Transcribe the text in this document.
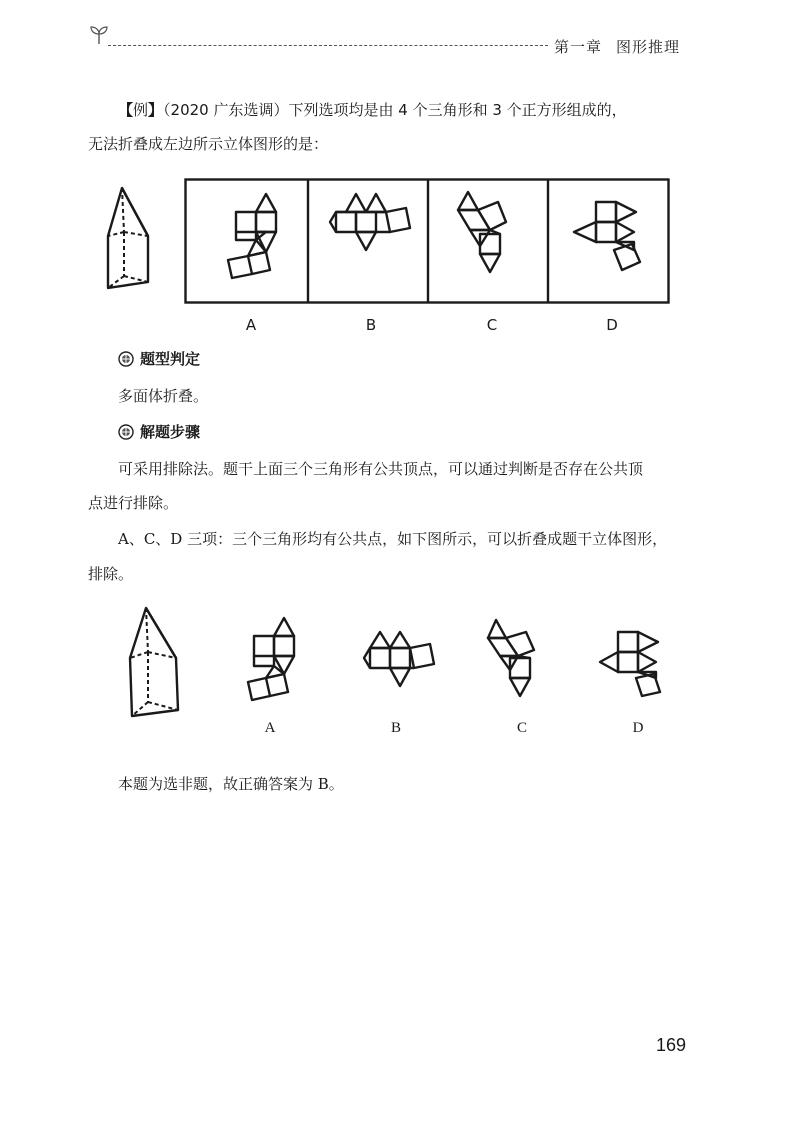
第一章 图形推理
【例】（2020 广东选调）下列选项均是由 4 个三角形和 3 个正方形组成的，
无法折叠成左边所示立体图形的是：
A	B	C	D
题型判定
多面体折叠。
解题步骤
可采用排除法。题干上面三个三角形有公共顶点，可以通过判断是否存在公共顶
点进行排除。
A、C、D 三项：三个三角形均有公共点，如下图所示，可以折叠成题干立体图形，
排除。
A	B	C	D
本题为选非题，故正确答案为 B。
169
